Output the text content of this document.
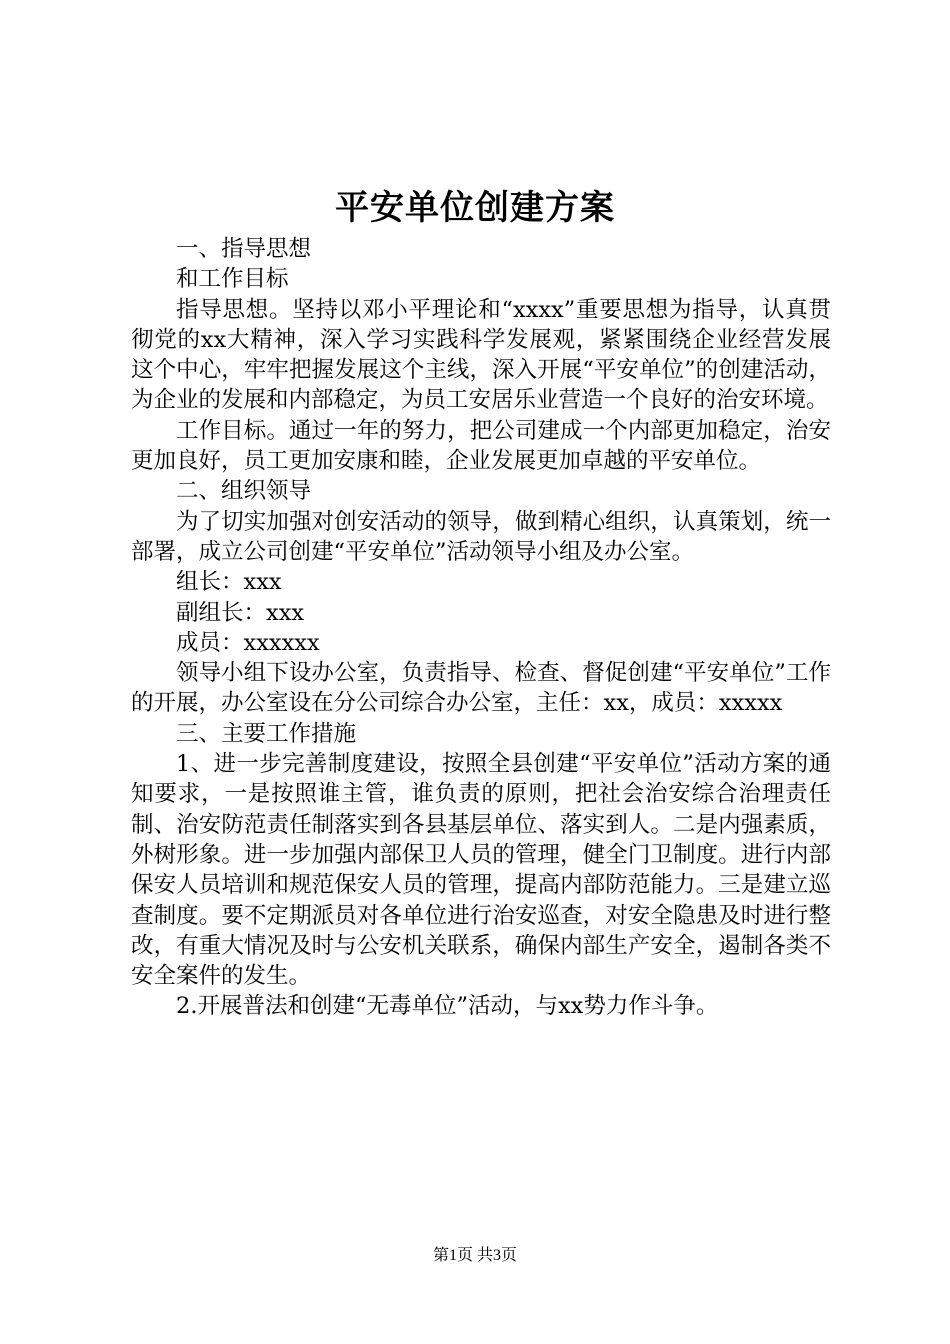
平安单位创建方案

一、指导思想

和工作目标

指导思想。坚持以邓小平理论和“xxxx”重要思想为指导，认真贯彻党的xx大精神，深入学习实践科学发展观，紧紧围绕企业经营发展这个中心，牢牢把握发展这个主线，深入开展“平安单位”的创建活动，为企业的发展和内部稳定，为员工安居乐业营造一个良好的治安环境。

工作目标。通过一年的努力，把公司建成一个内部更加稳定，治安更加良好，员工更加安康和睦，企业发展更加卓越的平安单位。

二、组织领导

为了切实加强对创安活动的领导，做到精心组织，认真策划，统一部署，成立公司创建“平安单位”活动领导小组及办公室。

组长：xxx

副组长：xxx

成员：xxxxxx

领导小组下设办公室，负责指导、检查、督促创建“平安单位”工作的开展，办公室设在分公司综合办公室，主任：xx，成员：xxxxx

三、主要工作措施

1、进一步完善制度建设，按照全县创建“平安单位”活动方案的通知要求，一是按照谁主管，谁负责的原则，把社会治安综合治理责任制、治安防范责任制落实到各县基层单位、落实到人。二是内强素质，外树形象。进一步加强内部保卫人员的管理，健全门卫制度。进行内部保安人员培训和规范保安人员的管理，提高内部防范能力。三是建立巡查制度。要不定期派员对各单位进行治安巡查，对安全隐患及时进行整改，有重大情况及时与公安机关联系，确保内部生产安全，遏制各类不安全案件的发生。

2.开展普法和创建“无毒单位”活动，与xx势力作斗争。

第1页 共3页
